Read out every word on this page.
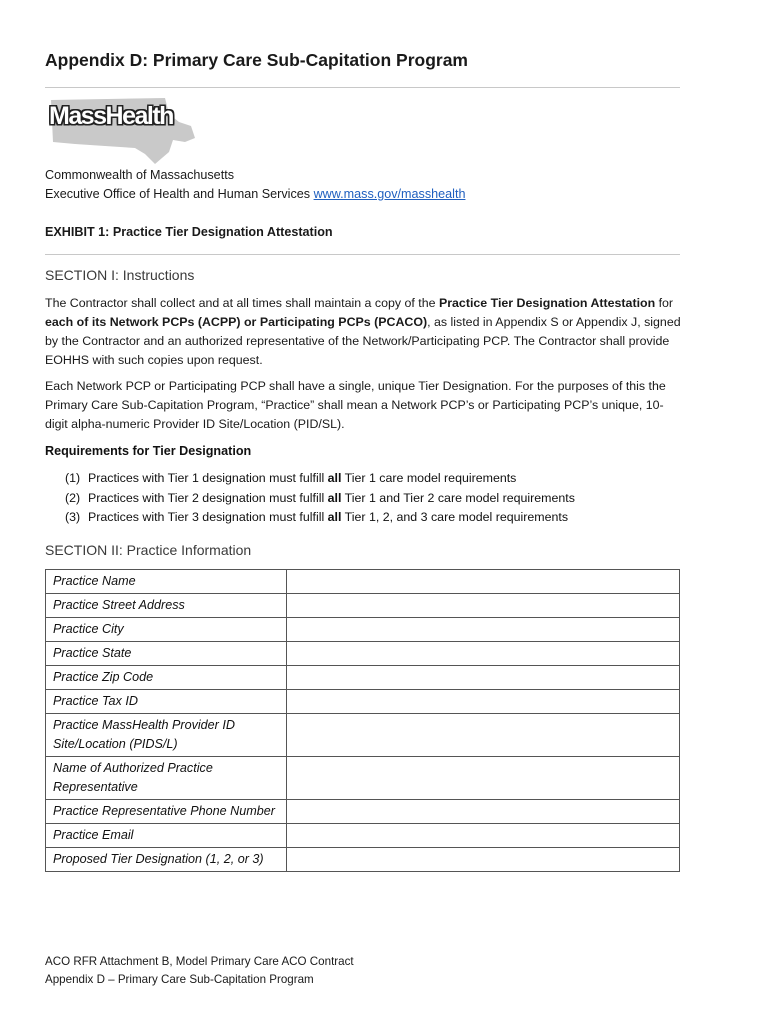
Appendix D: Primary Care Sub-Capitation Program
MassHealth
Commonwealth of Massachusetts
Executive Office of Health and Human Services www.mass.gov/masshealth
EXHIBIT 1: Practice Tier Designation Attestation
SECTION I: Instructions

The Contractor shall collect and at all times shall maintain a copy of the Practice Tier Designation Attestation for each of its Network PCPs (ACPP) or Participating PCPs (PCACO), as listed in Appendix S or Appendix J, signed by the Contractor and an authorized representative of the Network/Participating PCP. The Contractor shall provide EOHHS with such copies upon request.

Each Network PCP or Participating PCP shall have a single, unique Tier Designation. For the purposes of this the Primary Care Sub-Capitation Program, “Practice” shall mean a Network PCP’s or Participating PCP’s unique, 10-digit alpha-numeric Provider ID Site/Location (PID/SL).
Requirements for Tier Designation
(1) Practices with Tier 1 designation must fulfill all Tier 1 care model requirements
(2) Practices with Tier 2 designation must fulfill all Tier 1 and Tier 2 care model requirements
(3) Practices with Tier 3 designation must fulfill all Tier 1, 2, and 3 care model requirements
SECTION II: Practice Information
Practice Name	
Practice Street Address	
Practice City	
Practice State	
Practice Zip Code	
Practice Tax ID	
Practice MassHealth Provider ID Site/Location (PIDS/L)	
Name of Authorized Practice Representative	
Practice Representative Phone Number	
Practice Email	
Proposed Tier Designation (1, 2, or 3)	
ACO RFR Attachment B, Model Primary Care ACO Contract
Appendix D – Primary Care Sub-Capitation Program
